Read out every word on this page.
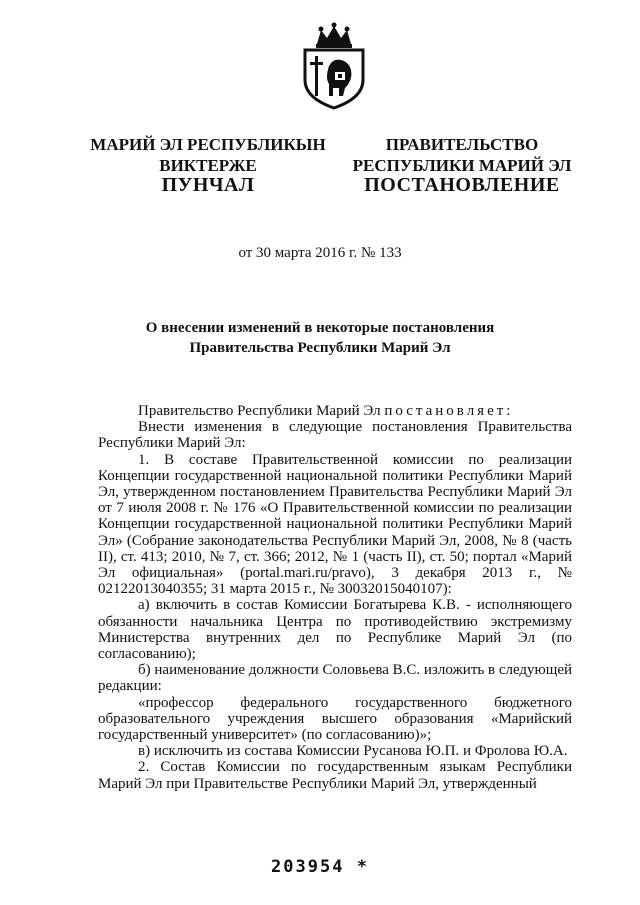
МАРИЙ ЭЛ РЕСПУБЛИКЫН
ВИКТЕРЖЕ
ПРАВИТЕЛЬСТВО
РЕСПУБЛИКИ МАРИЙ ЭЛ
ПУНЧАЛ	ПОСТАНОВЛЕНИЕ
от 30 марта 2016 г. № 133
О внесении изменений в некоторые постановления
Правительства Республики Марий Эл

Правительство Республики Марий Эл постановляет:

Внести изменения в следующие постановления Правительства Республики Марий Эл:

1. В составе Правительственной комиссии по реализации Концепции государственной национальной политики Республики Марий Эл, утвержденном постановлением Правительства Республики Марий Эл от 7 июля 2008 г. № 176 «О Правительственной комиссии по реализации Концепции государственной национальной политики Республики Марий Эл» (Собрание законодательства Республики Марий Эл, 2008, № 8 (часть II), ст. 413; 2010, № 7, ст. 366; 2012, № 1 (часть II), ст. 50; портал «Марий Эл официальная» (portal.mari.ru/pravo), 3 декабря 2013 г., № 02122013040355; 31 марта 2015 г., № 30032015040107):

а) включить в состав Комиссии Богатырева К.В. - исполняющего обязанности начальника Центра по противодействию экстремизму Министерства внутренних дел по Республике Марий Эл (по согласованию);

б) наименование должности Соловьева В.С. изложить в следующей редакции:

«профессор федерального государственного бюджетного образовательного учреждения высшего образования «Марийский государственный университет» (по согласованию)»;

в) исключить из состава Комиссии Русанова Ю.П. и Фролова Ю.А.

2. Состав Комиссии по государственным языкам Республики Марий Эл при Правительстве Республики Марий Эл, утвержденный

203954 *
